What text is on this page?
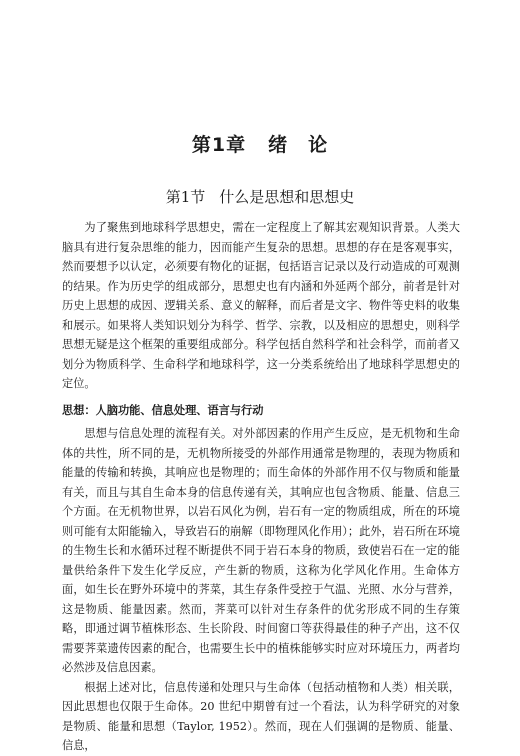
第1章 绪　论
第1节 什么是思想和思想史

为了聚焦到地球科学思想史，需在一定程度上了解其宏观知识背景。人类大脑具有进行复杂思维的能力，因而能产生复杂的思想。思想的存在是客观事实，然而要想予以认定，必须要有物化的证据，包括语言记录以及行动造成的可观测的结果。作为历史学的组成部分，思想史也有内涵和外延两个部分，前者是针对历史上思想的成因、逻辑关系、意义的解释，而后者是文字、物件等史料的收集和展示。如果将人类知识划分为科学、哲学、宗教，以及相应的思想史，则科学思想无疑是这个框架的重要组成部分。科学包括自然科学和社会科学，而前者又划分为物质科学、生命科学和地球科学，这一分类系统给出了地球科学思想史的定位。

思想：人脑功能、信息处理、语言与行动

思想与信息处理的流程有关。对外部因素的作用产生反应，是无机物和生命体的共性，所不同的是，无机物所接受的外部作用通常是物理的，表现为物质和能量的传输和转换，其响应也是物理的；而生命体的外部作用不仅与物质和能量有关，而且与其自生命本身的信息传递有关，其响应也包含物质、能量、信息三个方面。在无机物世界，以岩石风化为例，岩石有一定的物质组成，所在的环境则可能有太阳能输入，导致岩石的崩解（即物理风化作用）；此外，岩石所在环境的生物生长和水循环过程不断提供不同于岩石本身的物质，致使岩石在一定的能量供给条件下发生化学反应，产生新的物质，这称为化学风化作用。生命体方面，如生长在野外环境中的荠菜，其生存条件受控于气温、光照、水分与营养，这是物质、能量因素。然而，荠菜可以针对生存条件的优劣形成不同的生存策略，即通过调节植株形态、生长阶段、时间窗口等获得最佳的种子产出，这不仅需要荠菜遗传因素的配合，也需要生长中的植株能够实时应对环境压力，两者均必然涉及信息因素。

根据上述对比，信息传递和处理只与生命体（包括动植物和人类）相关联，因此思想也仅限于生命体。20 世纪中期曾有过一个看法，认为科学研究的对象是物质、能量和思想（Taylor, 1952）。然而，现在人们强调的是物质、能量、信息，
